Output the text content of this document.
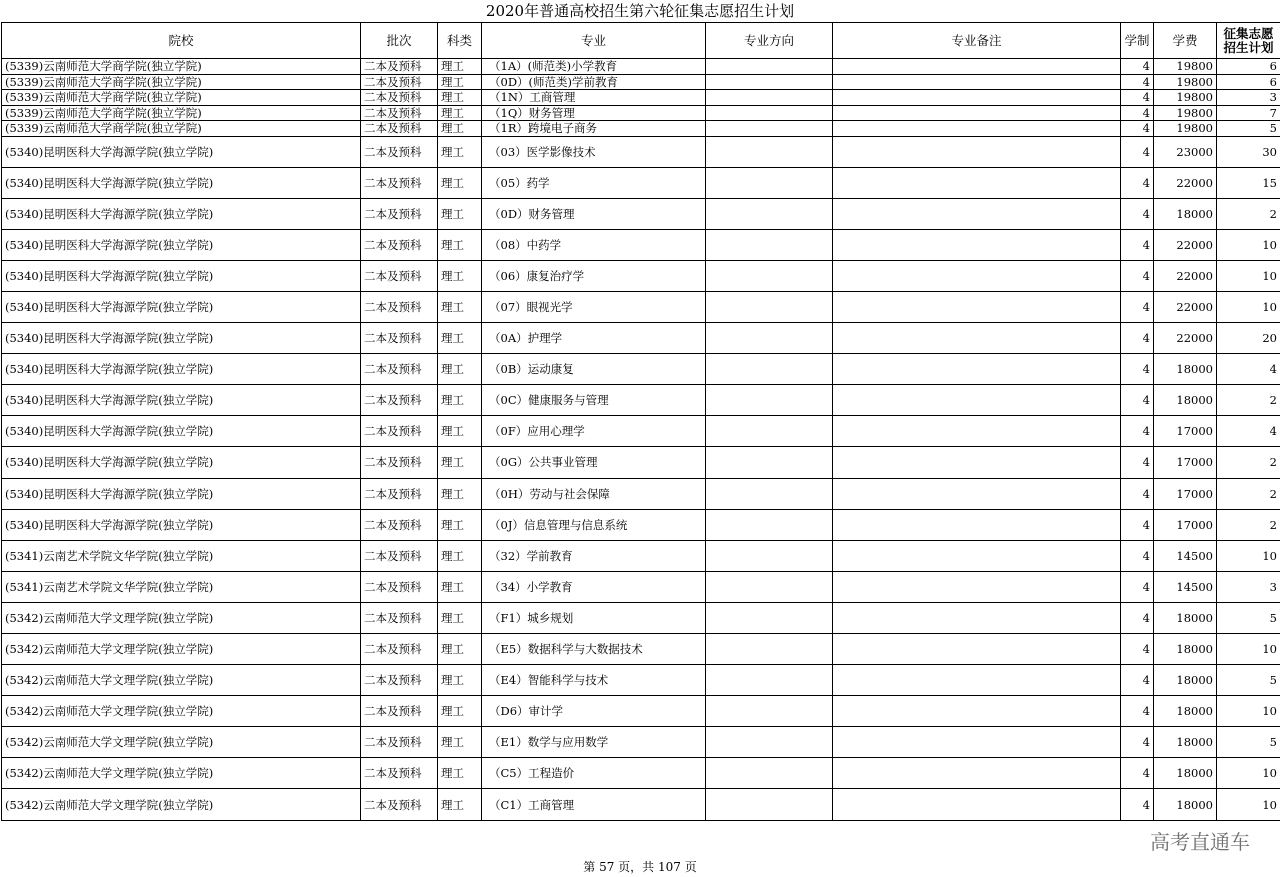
2020年普通高校招生第六轮征集志愿招生计划
院校	批次	科类	专业	专业方向	专业备注	学制	学费	征集志愿招生计划
(5339)云南师范大学商学院(独立学院)	二本及预科	理工	（1A）(师范类)小学教育			4	19800	6
(5339)云南师范大学商学院(独立学院)	二本及预科	理工	（0D）(师范类)学前教育			4	19800	6
(5339)云南师范大学商学院(独立学院)	二本及预科	理工	（1N）工商管理			4	19800	3
(5339)云南师范大学商学院(独立学院)	二本及预科	理工	（1Q）财务管理			4	19800	7
(5339)云南师范大学商学院(独立学院)	二本及预科	理工	（1R）跨境电子商务			4	19800	5
(5340)昆明医科大学海源学院(独立学院)	二本及预科	理工	（03）医学影像技术			4	23000	30
(5340)昆明医科大学海源学院(独立学院)	二本及预科	理工	（05）药学			4	22000	15
(5340)昆明医科大学海源学院(独立学院)	二本及预科	理工	（0D）财务管理			4	18000	2
(5340)昆明医科大学海源学院(独立学院)	二本及预科	理工	（08）中药学			4	22000	10
(5340)昆明医科大学海源学院(独立学院)	二本及预科	理工	（06）康复治疗学			4	22000	10
(5340)昆明医科大学海源学院(独立学院)	二本及预科	理工	（07）眼视光学			4	22000	10
(5340)昆明医科大学海源学院(独立学院)	二本及预科	理工	（0A）护理学			4	22000	20
(5340)昆明医科大学海源学院(独立学院)	二本及预科	理工	（0B）运动康复			4	18000	4
(5340)昆明医科大学海源学院(独立学院)	二本及预科	理工	（0C）健康服务与管理			4	18000	2
(5340)昆明医科大学海源学院(独立学院)	二本及预科	理工	（0F）应用心理学			4	17000	4
(5340)昆明医科大学海源学院(独立学院)	二本及预科	理工	（0G）公共事业管理			4	17000	2
(5340)昆明医科大学海源学院(独立学院)	二本及预科	理工	（0H）劳动与社会保障			4	17000	2
(5340)昆明医科大学海源学院(独立学院)	二本及预科	理工	（0J）信息管理与信息系统			4	17000	2
(5341)云南艺术学院文华学院(独立学院)	二本及预科	理工	（32）学前教育			4	14500	10
(5341)云南艺术学院文华学院(独立学院)	二本及预科	理工	（34）小学教育			4	14500	3
(5342)云南师范大学文理学院(独立学院)	二本及预科	理工	（F1）城乡规划			4	18000	5
(5342)云南师范大学文理学院(独立学院)	二本及预科	理工	（E5）数据科学与大数据技术			4	18000	10
(5342)云南师范大学文理学院(独立学院)	二本及预科	理工	（E4）智能科学与技术			4	18000	5
(5342)云南师范大学文理学院(独立学院)	二本及预科	理工	（D6）审计学			4	18000	10
(5342)云南师范大学文理学院(独立学院)	二本及预科	理工	（E1）数学与应用数学			4	18000	5
(5342)云南师范大学文理学院(独立学院)	二本及预科	理工	（C5）工程造价			4	18000	10
(5342)云南师范大学文理学院(独立学院)	二本及预科	理工	（C1）工商管理			4	18000	10
高考直通车
第 57 页，共 107 页
